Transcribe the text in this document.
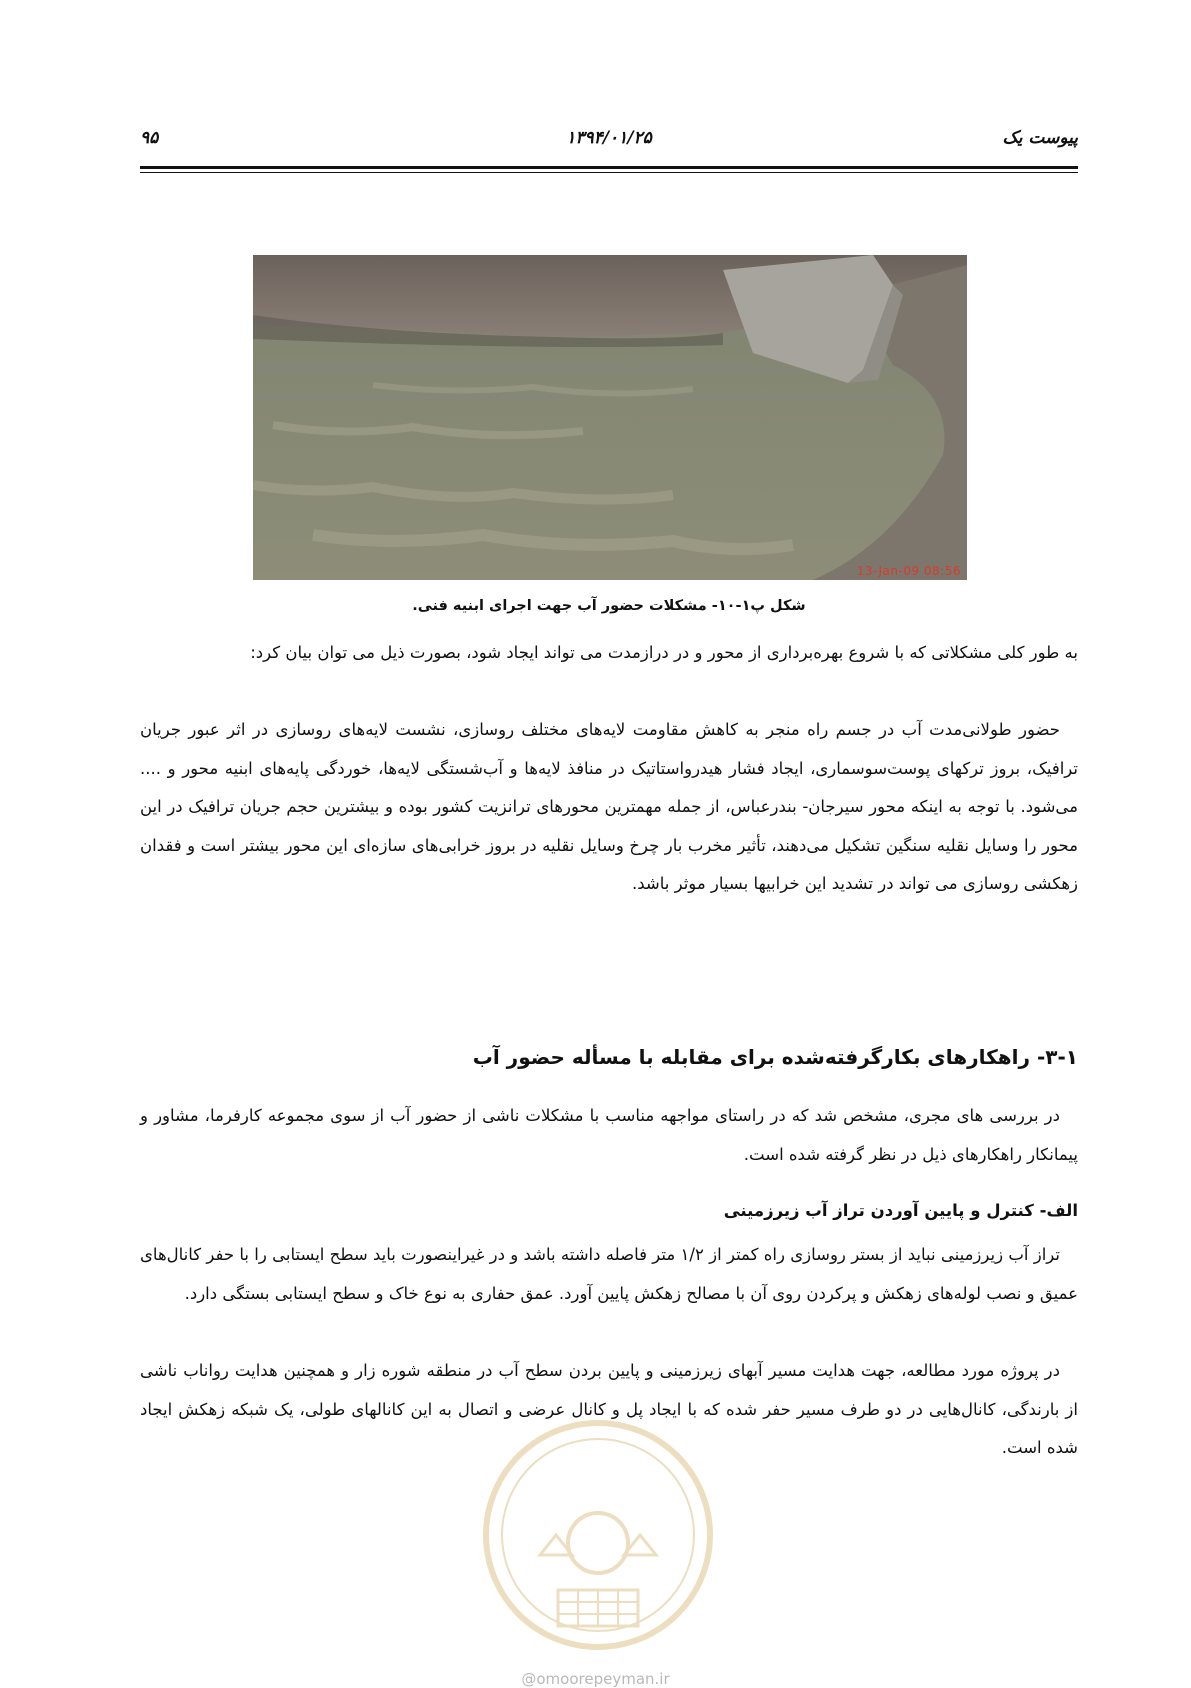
پیوست یک
۱۳۹۴/۰۱/۲۵
۹۵
13-Jan-09 08:56
شکل پ۱-۱۰- مشکلات حضور آب جهت اجرای ابنیه فنی.

به طور کلی مشکلاتی که با شروع بهره‌برداری از محور و در درازمدت می تواند ایجاد شود، بصورت ذیل می توان بیان کرد:

حضور طولانی‌مدت آب در جسم راه منجر به کاهش مقاومت لایه‌های مختلف روسازی، نشست لایه‌های روسازی در اثر عبور جریان ترافیک، بروز ترکهای پوست‌سوسماری، ایجاد فشار هیدرواستاتیک در منافذ لایه‌ها و آب‌شستگی لایه‌ها، خوردگی پایه‌های ابنیه محور و .... می‌شود. با توجه به اینکه محور سیرجان- بندرعباس، از جمله مهمترین محورهای ترانزیت کشور بوده و بیشترین حجم جریان ترافیک در این محور را وسایل نقلیه سنگین تشکیل می‌دهند، تأثیر مخرب بار چرخ وسایل نقلیه در بروز خرابی‌های سازه‌ای این محور بیشتر است و فقدان زهکشی روسازی می تواند در تشدید این خرابیها بسیار موثر باشد.

۳-۱- راهکارهای بکارگرفته‌شده برای مقابله با مسأله حضور آب

در بررسی های مجری، مشخص شد که در راستای مواجهه مناسب با مشکلات ناشی از حضور آب از سوی مجموعه کارفرما، مشاور و پیمانکار راهکارهای ذیل در نظر گرفته شده است.

الف- کنترل و پایین آوردن تراز آب زیرزمینی

تراز آب زیرزمینی نباید از بستر روسازی راه کمتر از ۱/۲ متر فاصله داشته باشد و در غیراینصورت باید سطح ایستابی را با حفر کانال‌های عمیق و نصب لوله‌های زهکش و پرکردن روی آن با مصالح زهکش پایین آورد. عمق حفاری به نوع خاک و سطح ایستابی بستگی دارد.

در پروژه مورد مطالعه، جهت هدایت مسیر آبهای زیرزمینی و پایین بردن سطح آب در منطقه شوره زار و همچنین هدایت رواناب ناشی از بارندگی، کانال‌هایی در دو طرف مسیر حفر شده که با ایجاد پل و کانال عرضی و اتصال به این کانالهای طولی، یک شبکه زهکش ایجاد شده است.

@omoorepeyman.ir
